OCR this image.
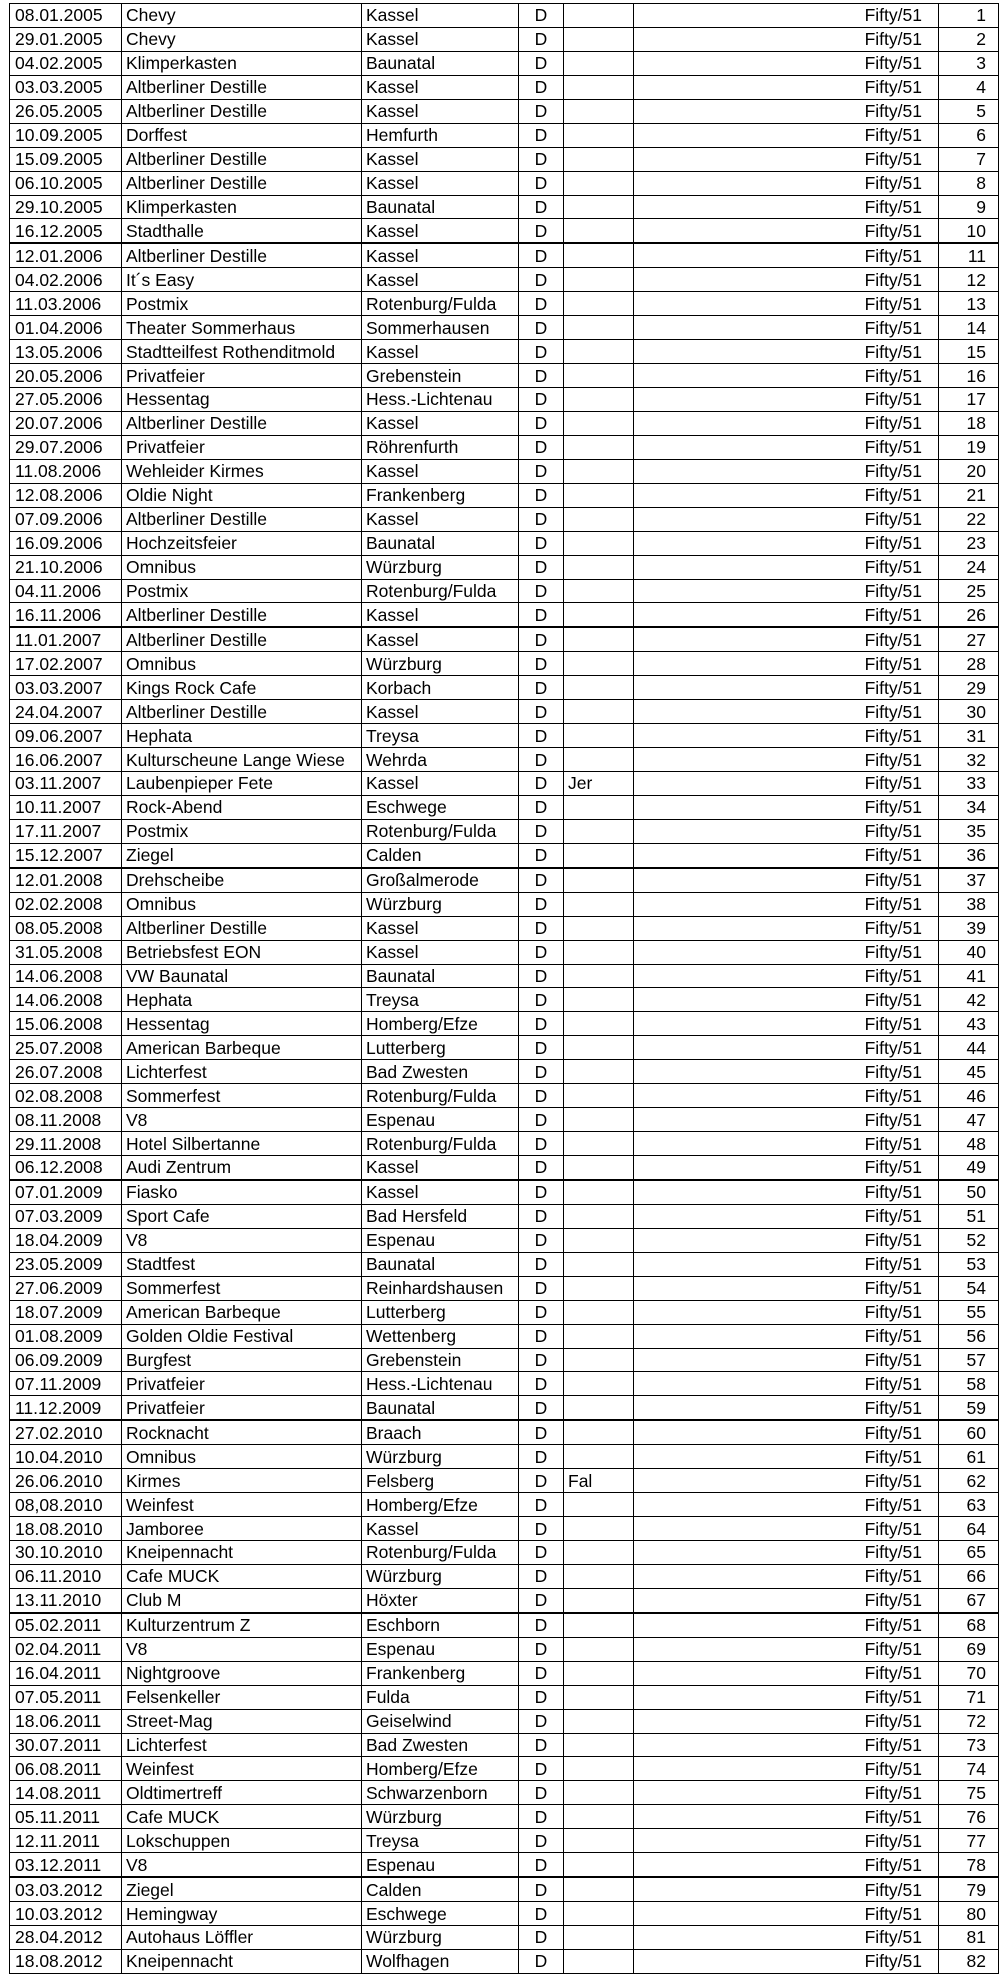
08.01.2005	Chevy	Kassel	D		Fifty/51	1
29.01.2005	Chevy	Kassel	D		Fifty/51	2
04.02.2005	Klimperkasten	Baunatal	D		Fifty/51	3
03.03.2005	Altberliner Destille	Kassel	D		Fifty/51	4
26.05.2005	Altberliner Destille	Kassel	D		Fifty/51	5
10.09.2005	Dorffest	Hemfurth	D		Fifty/51	6
15.09.2005	Altberliner Destille	Kassel	D		Fifty/51	7
06.10.2005	Altberliner Destille	Kassel	D		Fifty/51	8
29.10.2005	Klimperkasten	Baunatal	D		Fifty/51	9
16.12.2005	Stadthalle	Kassel	D		Fifty/51	10
12.01.2006	Altberliner Destille	Kassel	D		Fifty/51	11
04.02.2006	It´s Easy	Kassel	D		Fifty/51	12
11.03.2006	Postmix	Rotenburg/Fulda	D		Fifty/51	13
01.04.2006	Theater Sommerhaus	Sommerhausen	D		Fifty/51	14
13.05.2006	Stadtteilfest Rothenditmold	Kassel	D		Fifty/51	15
20.05.2006	Privatfeier	Grebenstein	D		Fifty/51	16
27.05.2006	Hessentag	Hess.-Lichtenau	D		Fifty/51	17
20.07.2006	Altberliner Destille	Kassel	D		Fifty/51	18
29.07.2006	Privatfeier	Röhrenfurth	D		Fifty/51	19
11.08.2006	Wehleider Kirmes	Kassel	D		Fifty/51	20
12.08.2006	Oldie Night	Frankenberg	D		Fifty/51	21
07.09.2006	Altberliner Destille	Kassel	D		Fifty/51	22
16.09.2006	Hochzeitsfeier	Baunatal	D		Fifty/51	23
21.10.2006	Omnibus	Würzburg	D		Fifty/51	24
04.11.2006	Postmix	Rotenburg/Fulda	D		Fifty/51	25
16.11.2006	Altberliner Destille	Kassel	D		Fifty/51	26
11.01.2007	Altberliner Destille	Kassel	D		Fifty/51	27
17.02.2007	Omnibus	Würzburg	D		Fifty/51	28
03.03.2007	Kings Rock Cafe	Korbach	D		Fifty/51	29
24.04.2007	Altberliner Destille	Kassel	D		Fifty/51	30
09.06.2007	Hephata	Treysa	D		Fifty/51	31
16.06.2007	Kulturscheune Lange Wiese	Wehrda	D		Fifty/51	32
03.11.2007	Laubenpieper Fete	Kassel	D	Jer	Fifty/51	33
10.11.2007	Rock-Abend	Eschwege	D		Fifty/51	34
17.11.2007	Postmix	Rotenburg/Fulda	D		Fifty/51	35
15.12.2007	Ziegel	Calden	D		Fifty/51	36
12.01.2008	Drehscheibe	Großalmerode	D		Fifty/51	37
02.02.2008	Omnibus	Würzburg	D		Fifty/51	38
08.05.2008	Altberliner Destille	Kassel	D		Fifty/51	39
31.05.2008	Betriebsfest EON	Kassel	D		Fifty/51	40
14.06.2008	VW Baunatal	Baunatal	D		Fifty/51	41
14.06.2008	Hephata	Treysa	D		Fifty/51	42
15.06.2008	Hessentag	Homberg/Efze	D		Fifty/51	43
25.07.2008	American Barbeque	Lutterberg	D		Fifty/51	44
26.07.2008	Lichterfest	Bad Zwesten	D		Fifty/51	45
02.08.2008	Sommerfest	Rotenburg/Fulda	D		Fifty/51	46
08.11.2008	V8	Espenau	D		Fifty/51	47
29.11.2008	Hotel Silbertanne	Rotenburg/Fulda	D		Fifty/51	48
06.12.2008	Audi Zentrum	Kassel	D		Fifty/51	49
07.01.2009	Fiasko	Kassel	D		Fifty/51	50
07.03.2009	Sport Cafe	Bad Hersfeld	D		Fifty/51	51
18.04.2009	V8	Espenau	D		Fifty/51	52
23.05.2009	Stadtfest	Baunatal	D		Fifty/51	53
27.06.2009	Sommerfest	Reinhardshausen	D		Fifty/51	54
18.07.2009	American Barbeque	Lutterberg	D		Fifty/51	55
01.08.2009	Golden Oldie Festival	Wettenberg	D		Fifty/51	56
06.09.2009	Burgfest	Grebenstein	D		Fifty/51	57
07.11.2009	Privatfeier	Hess.-Lichtenau	D		Fifty/51	58
11.12.2009	Privatfeier	Baunatal	D		Fifty/51	59
27.02.2010	Rocknacht	Braach	D		Fifty/51	60
10.04.2010	Omnibus	Würzburg	D		Fifty/51	61
26.06.2010	Kirmes	Felsberg	D	Fal	Fifty/51	62
08,08.2010	Weinfest	Homberg/Efze	D		Fifty/51	63
18.08.2010	Jamboree	Kassel	D		Fifty/51	64
30.10.2010	Kneipennacht	Rotenburg/Fulda	D		Fifty/51	65
06.11.2010	Cafe MUCK	Würzburg	D		Fifty/51	66
13.11.2010	Club M	Höxter	D		Fifty/51	67
05.02.2011	Kulturzentrum Z	Eschborn	D		Fifty/51	68
02.04.2011	V8	Espenau	D		Fifty/51	69
16.04.2011	Nightgroove	Frankenberg	D		Fifty/51	70
07.05.2011	Felsenkeller	Fulda	D		Fifty/51	71
18.06.2011	Street-Mag	Geiselwind	D		Fifty/51	72
30.07.2011	Lichterfest	Bad Zwesten	D		Fifty/51	73
06.08.2011	Weinfest	Homberg/Efze	D		Fifty/51	74
14.08.2011	Oldtimertreff	Schwarzenborn	D		Fifty/51	75
05.11.2011	Cafe MUCK	Würzburg	D		Fifty/51	76
12.11.2011	Lokschuppen	Treysa	D		Fifty/51	77
03.12.2011	V8	Espenau	D		Fifty/51	78
03.03.2012	Ziegel	Calden	D		Fifty/51	79
10.03.2012	Hemingway	Eschwege	D		Fifty/51	80
28.04.2012	Autohaus Löffler	Würzburg	D		Fifty/51	81
18.08.2012	Kneipennacht	Wolfhagen	D		Fifty/51	82
